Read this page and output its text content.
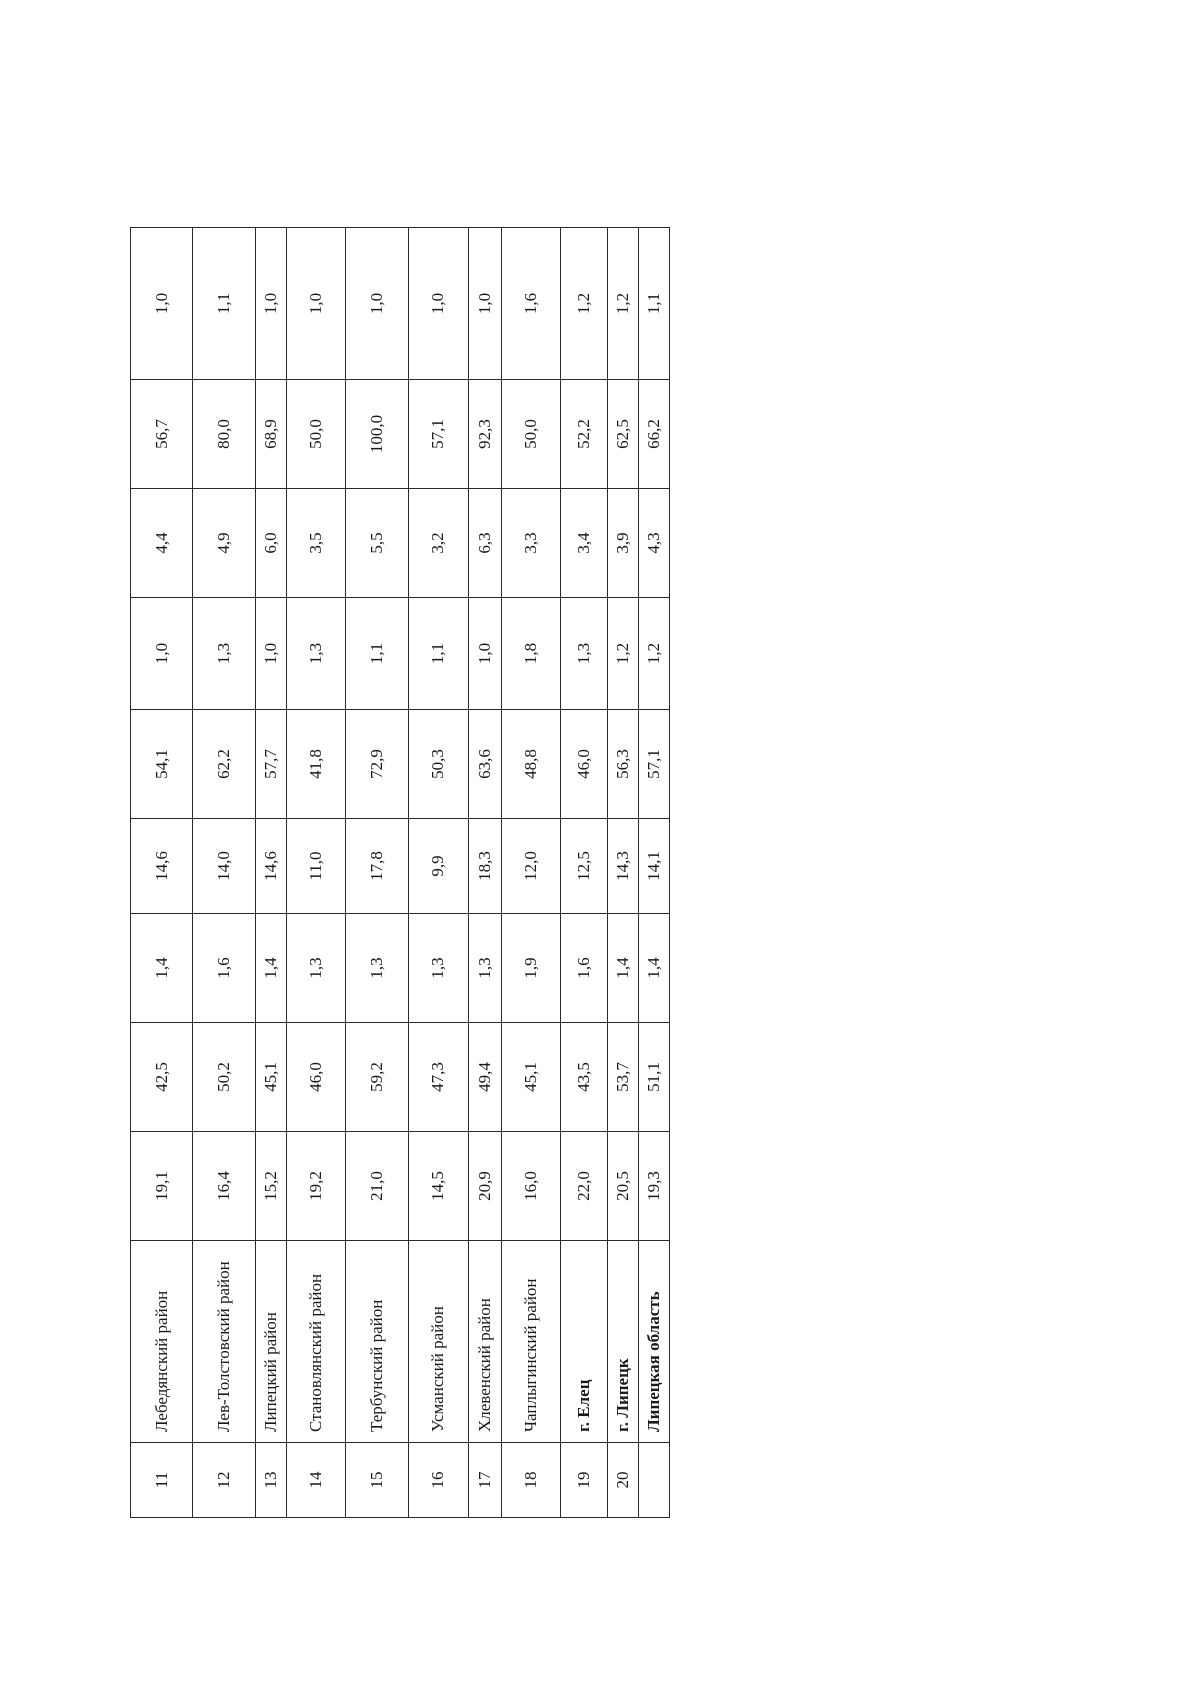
11	Лебедянский район	19,1	42,5	1,4	14,6	54,1	1,0	4,4	56,7	1,0
12	Лев-Толстовский район	16,4	50,2	1,6	14,0	62,2	1,3	4,9	80,0	1,1
13	Липецкий район	15,2	45,1	1,4	14,6	57,7	1,0	6,0	68,9	1,0
14	Становлянский район	19,2	46,0	1,3	11,0	41,8	1,3	3,5	50,0	1,0
15	Тербунский район	21,0	59,2	1,3	17,8	72,9	1,1	5,5	100,0	1,0
16	Усманский район	14,5	47,3	1,3	9,9	50,3	1,1	3,2	57,1	1,0
17	Хлевенский район	20,9	49,4	1,3	18,3	63,6	1,0	6,3	92,3	1,0
18	Чаплыгинский район	16,0	45,1	1,9	12,0	48,8	1,8	3,3	50,0	1,6
19	г. Елец	22,0	43,5	1,6	12,5	46,0	1,3	3,4	52,2	1,2
20	г. Липецк	20,5	53,7	1,4	14,3	56,3	1,2	3,9	62,5	1,2
	Липецкая область	19,3	51,1	1,4	14,1	57,1	1,2	4,3	66,2	1,1
